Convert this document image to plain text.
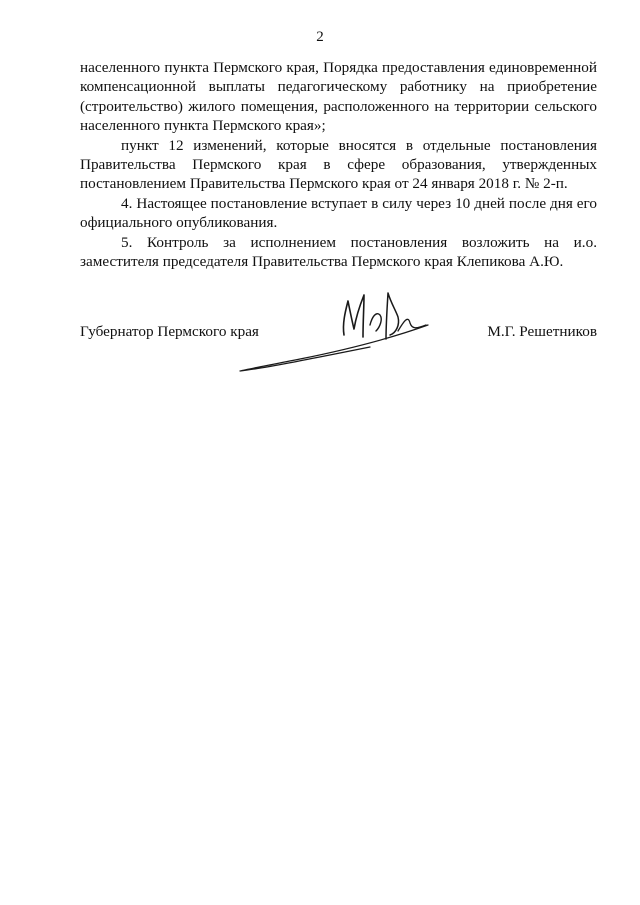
2

населенного пункта Пермского края, Порядка предоставления единовременной компенсационной выплаты педагогическому работнику на приобретение (строительство) жилого помещения, расположенного на территории сельского населенного пункта Пермского края»;

пункт 12 изменений, которые вносятся в отдельные постановления Правительства Пермского края в сфере образования, утвержденных постановлением Правительства Пермского края от 24 января 2018 г. № 2-п.

4. Настоящее постановление вступает в силу через 10 дней после дня его официального опубликования.

5. Контроль за исполнением постановления возложить на и.о. заместителя председателя Правительства Пермского края Клепикова А.Ю.

Губернатор Пермского края	М.Г. Решетников
